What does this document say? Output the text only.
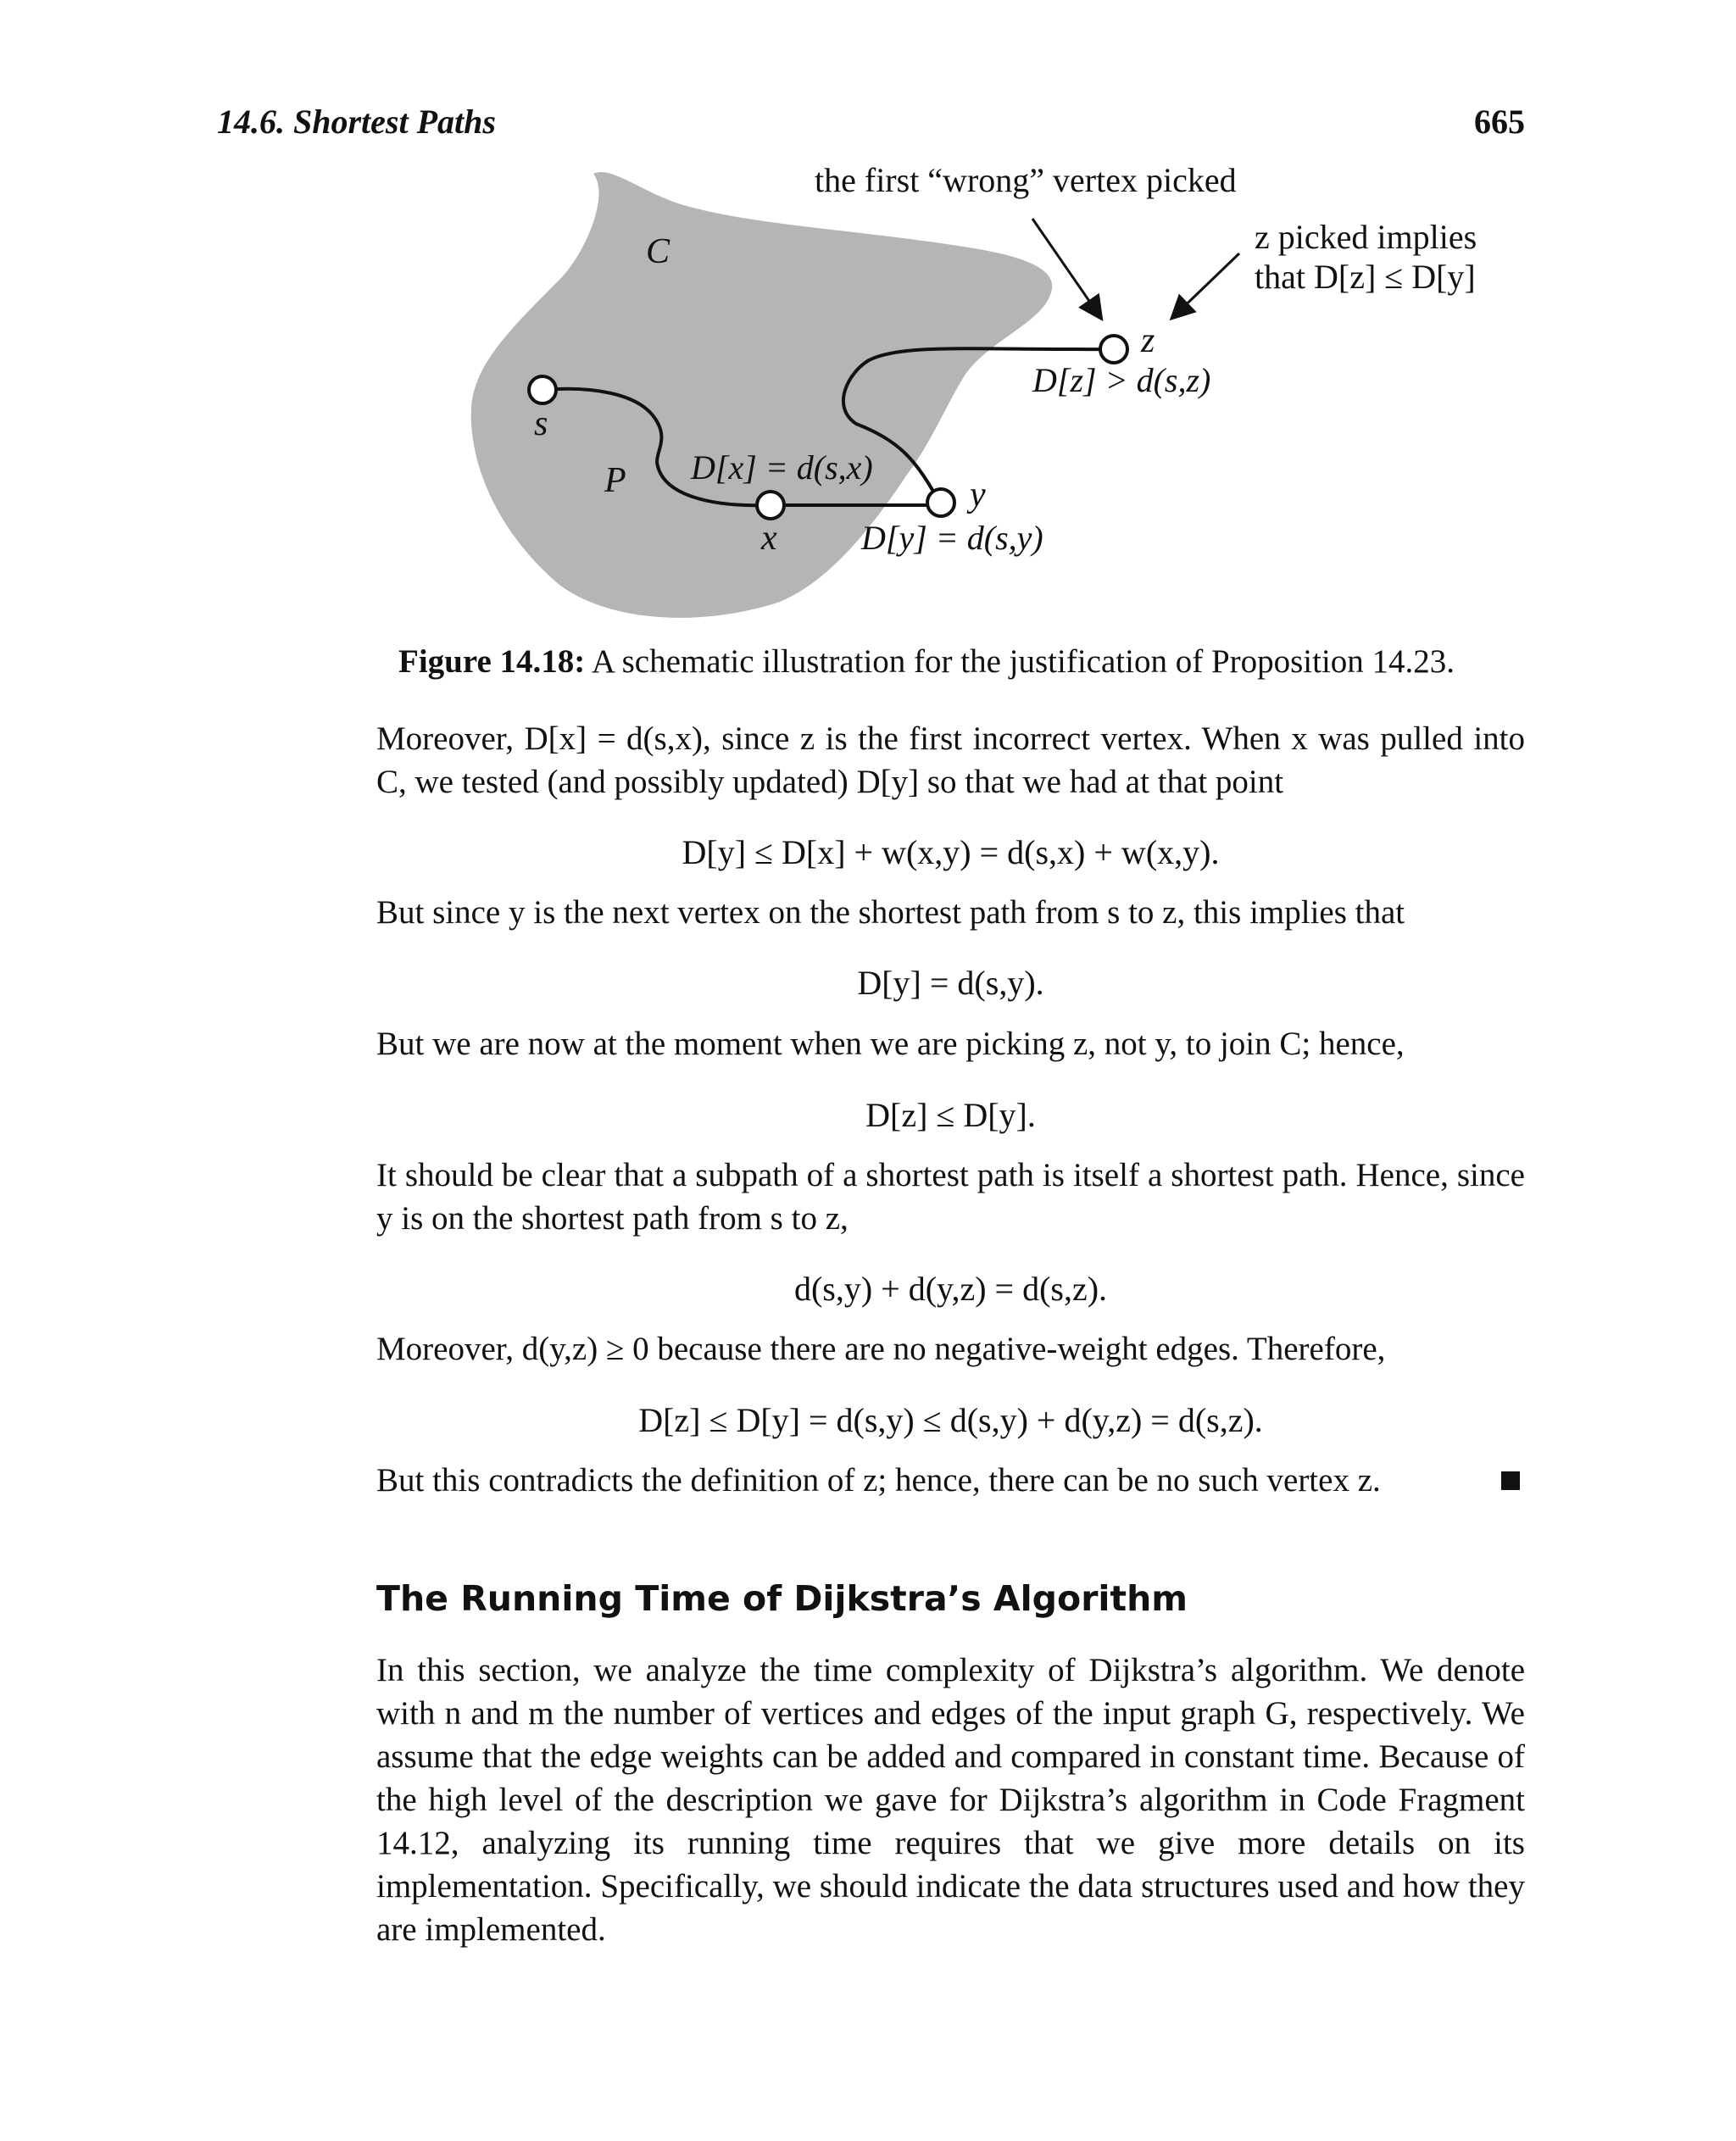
14.6. Shortest Paths	665
C
P
s
x
y
z
D[x] = d(s,x)
D[y] = d(s,y)
D[z] > d(s,z)
the first “wrong” vertex picked
z picked implies
that D[z] ≤ D[y]
Figure 14.18: A schematic illustration for the justification of Proposition 14.23.
Moreover, D[x] = d(s,x), since z is the first incorrect vertex. When x was pulled into C, we tested (and possibly updated) D[y] so that we had at that point
D[y] ≤ D[x] + w(x,y) = d(s,x) + w(x,y).
But since y is the next vertex on the shortest path from s to z, this implies that
D[y] = d(s,y).
But we are now at the moment when we are picking z, not y, to join C; hence,
D[z] ≤ D[y].
It should be clear that a subpath of a shortest path is itself a shortest path. Hence, since y is on the shortest path from s to z,
d(s,y) + d(y,z) = d(s,z).
Moreover, d(y,z) ≥ 0 because there are no negative-weight edges. Therefore,
D[z] ≤ D[y] = d(s,y) ≤ d(s,y) + d(y,z) = d(s,z).
But this contradicts the definition of z; hence, there can be no such vertex z.
The Running Time of Dijkstra’s Algorithm
In this section, we analyze the time complexity of Dijkstra’s algorithm. We denote with n and m the number of vertices and edges of the input graph G, respectively. We assume that the edge weights can be added and compared in constant time. Because of the high level of the description we gave for Dijkstra’s algorithm in Code Fragment 14.12, analyzing its running time requires that we give more details on its implementation. Specifically, we should indicate the data structures used and how they are implemented.
